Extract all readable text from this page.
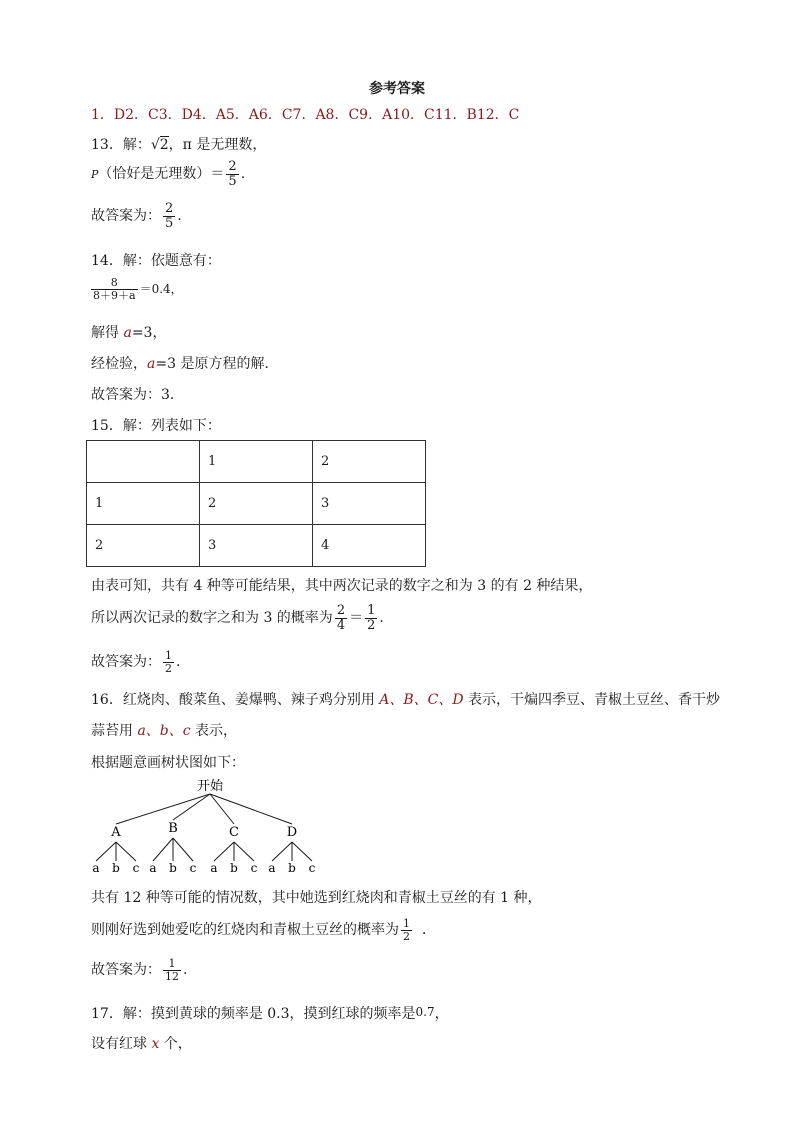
参考答案
1．D2．C3．D4．A5．A6．C7．A8．C9．A10．C11．B12．C
13．解：√2，π 是无理数，
P（恰好是无理数）＝ $\frac{2}{5}$ .
故答案为： $\frac{2}{5}$ .
14．解：依题意有：
$\frac{8}{8+9+a} =0.4$，
解得 a=3，
经检验，a=3 是原方程的解．
故答案为：3．
15．解：列表如下：
	1	2
1	2	3
2	3	4
由表可知，共有 4 种等可能结果，其中两次记录的数字之和为 3 的有 2 种结果，
所以两次记录的数字之和为 3 的概率为 $\frac{2}{4} = \frac{1}{2}$ .
故答案为： $\frac{1}{2}$ .
16．红烧肉、酸菜鱼、姜爆鸭、辣子鸡分别用 A、B、C、D 表示，干煸四季豆、青椒土豆丝、香干炒
蒜苔用 a、b、c 表示，
根据题意画树状图如下：
开始
A
a b c
B
a b c
C
a b c
D
a b c
共有 12 种等可能的情况数，其中她选到红烧肉和青椒土豆丝的有 1 种，
则刚好选到她爱吃的红烧肉和青椒土豆丝的概率为 $\frac{1}{2}$ ．
故答案为： $\frac{1}{12}$ .
17．解：摸到黄球的频率是 0.3，摸到红球的频率是0.7，
设有红球 x 个，
